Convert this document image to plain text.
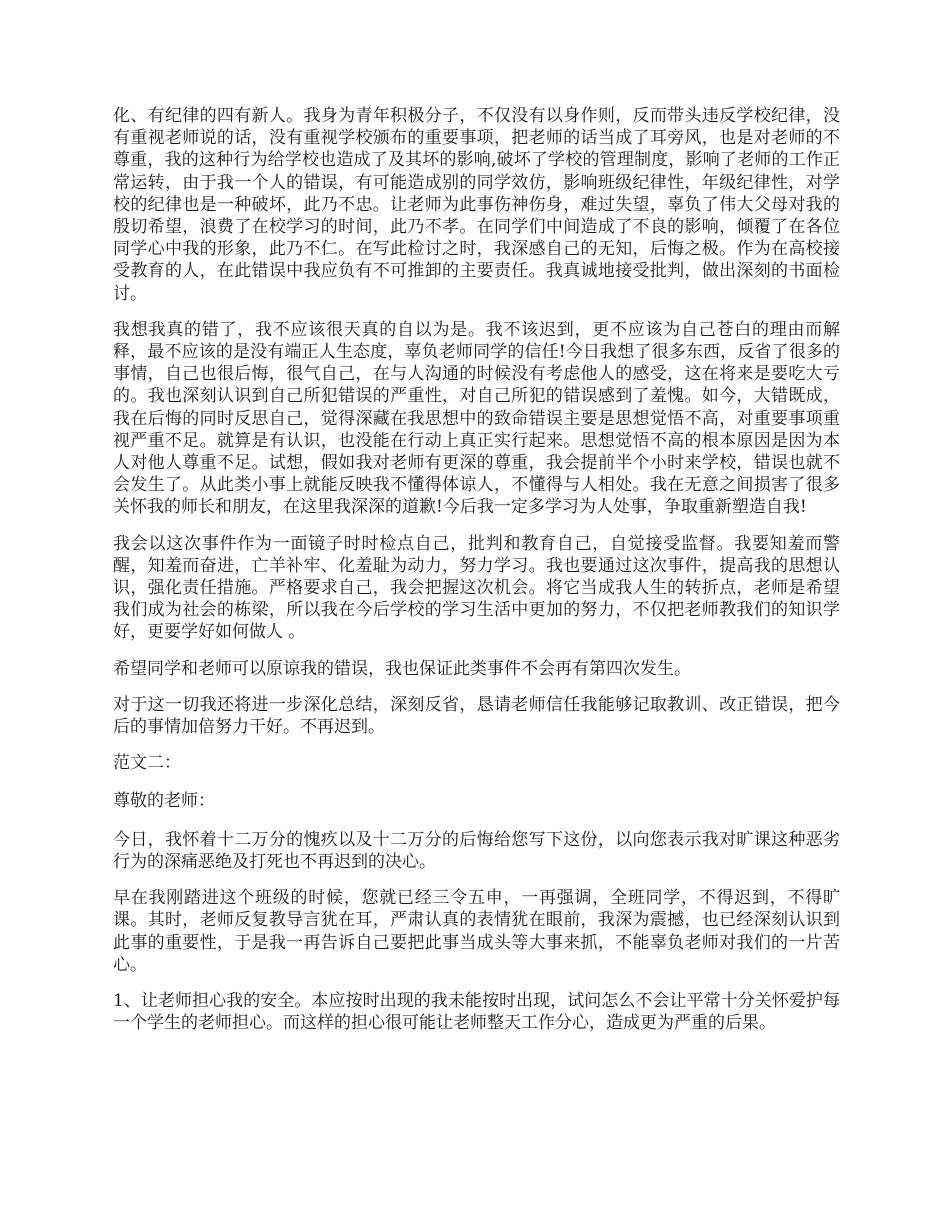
化、有纪律的四有新人。我身为青年积极分子，不仅没有以身作则，反而带头违反学校纪律，没有重视老师说的话，没有重视学校颁布的重要事项，把老师的话当成了耳旁风，也是对老师的不尊重，我的这种行为给学校也造成了及其坏的影响,破坏了学校的管理制度，影响了老师的工作正常运转，由于我一个人的错误，有可能造成别的同学效仿，影响班级纪律性，年级纪律性，对学校的纪律也是一种破坏，此乃不忠。让老师为此事伤神伤身，难过失望，辜负了伟大父母对我的殷切希望，浪费了在校学习的时间，此乃不孝。在同学们中间造成了不良的影响，倾覆了在各位同学心中我的形象，此乃不仁。在写此检讨之时，我深感自己的无知，后悔之极。作为在高校接受教育的人，在此错误中我应负有不可推卸的主要责任。我真诚地接受批判，做出深刻的书面检讨。

我想我真的错了，我不应该很天真的自以为是。我不该迟到，更不应该为自己苍白的理由而解释，最不应该的是没有端正人生态度，辜负老师同学的信任!今日我想了很多东西，反省了很多的事情，自己也很后悔，很气自己，在与人沟通的时候没有考虑他人的感受，这在将来是要吃大亏的。我也深刻认识到自己所犯错误的严重性，对自己所犯的错误感到了羞愧。如今，大错既成，我在后悔的同时反思自己，觉得深藏在我思想中的致命错误主要是思想觉悟不高，对重要事项重视严重不足。就算是有认识，也没能在行动上真正实行起来。思想觉悟不高的根本原因是因为本人对他人尊重不足。试想，假如我对老师有更深的尊重，我会提前半个小时来学校，错误也就不会发生了。从此类小事上就能反映我不懂得体谅人，不懂得与人相处。我在无意之间损害了很多关怀我的师长和朋友，在这里我深深的道歉!今后我一定多学习为人处事，争取重新塑造自我!

我会以这次事件作为一面镜子时时检点自己，批判和教育自己，自觉接受监督。我要知羞而警醒，知羞而奋进，亡羊补牢、化羞耻为动力，努力学习。我也要通过这次事件，提高我的思想认识，强化责任措施。严格要求自己，我会把握这次机会。将它当成我人生的转折点，老师是希望我们成为社会的栋梁，所以我在今后学校的学习生活中更加的努力，不仅把老师教我们的知识学好，更要学好如何做人 。

希望同学和老师可以原谅我的错误，我也保证此类事件不会再有第四次发生。

对于这一切我还将进一步深化总结，深刻反省，恳请老师信任我能够记取教训、改正错误，把今后的事情加倍努力干好。不再迟到。

范文二：

尊敬的老师：

今日，我怀着十二万分的愧疚以及十二万分的后悔给您写下这份，以向您表示我对旷课这种恶劣行为的深痛恶绝及打死也不再迟到的决心。

早在我刚踏进这个班级的时候，您就已经三令五申，一再强调，全班同学，不得迟到，不得旷课。其时，老师反复教导言犹在耳，严肃认真的表情犹在眼前，我深为震撼，也已经深刻认识到此事的重要性，于是我一再告诉自己要把此事当成头等大事来抓，不能辜负老师对我们的一片苦心。

1、让老师担心我的安全。本应按时出现的我未能按时出现，试问怎么不会让平常十分关怀爱护每一个学生的老师担心。而这样的担心很可能让老师整天工作分心，造成更为严重的后果。
